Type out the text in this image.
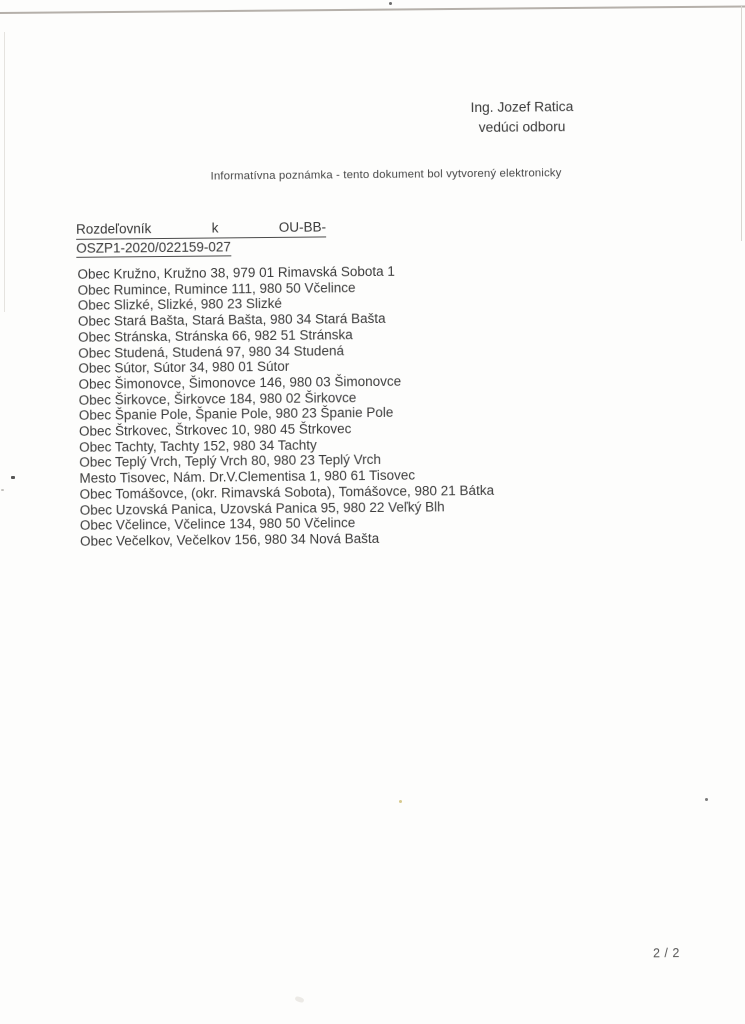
Ing. Jozef Ratica
vedúci odboru
Informatívna poznámka - tento dokument bol vytvorený elektronicky
Rozdeľovník	k	OU-BB-
OSZP1-2020/022159-027
Obec Kružno, Kružno 38, 979 01 Rimavská Sobota 1
Obec Rumince, Rumince 111, 980 50 Včelince
Obec Slizké, Slizké, 980 23 Slizké
Obec Stará Bašta, Stará Bašta, 980 34 Stará Bašta
Obec Stránska, Stránska 66, 982 51 Stránska
Obec Studená, Studená 97, 980 34 Studená
Obec Sútor, Sútor 34, 980 01 Sútor
Obec Šimonovce, Šimonovce 146, 980 03 Šimonovce
Obec Širkovce, Širkovce 184, 980 02 Širkovce
Obec Španie Pole, Španie Pole, 980 23 Španie Pole
Obec Štrkovec, Štrkovec 10, 980 45 Štrkovec
Obec Tachty, Tachty 152, 980 34 Tachty
Obec Teplý Vrch, Teplý Vrch 80, 980 23 Teplý Vrch
Mesto Tisovec, Nám. Dr.V.Clementisa 1, 980 61 Tisovec
Obec Tomášovce, (okr. Rimavská Sobota), Tomášovce, 980 21 Bátka
Obec Uzovská Panica, Uzovská Panica 95, 980 22 Veľký Blh
Obec Včelince, Včelince 134, 980 50 Včelince
Obec Večelkov, Večelkov 156, 980 34 Nová Bašta
2 / 2
